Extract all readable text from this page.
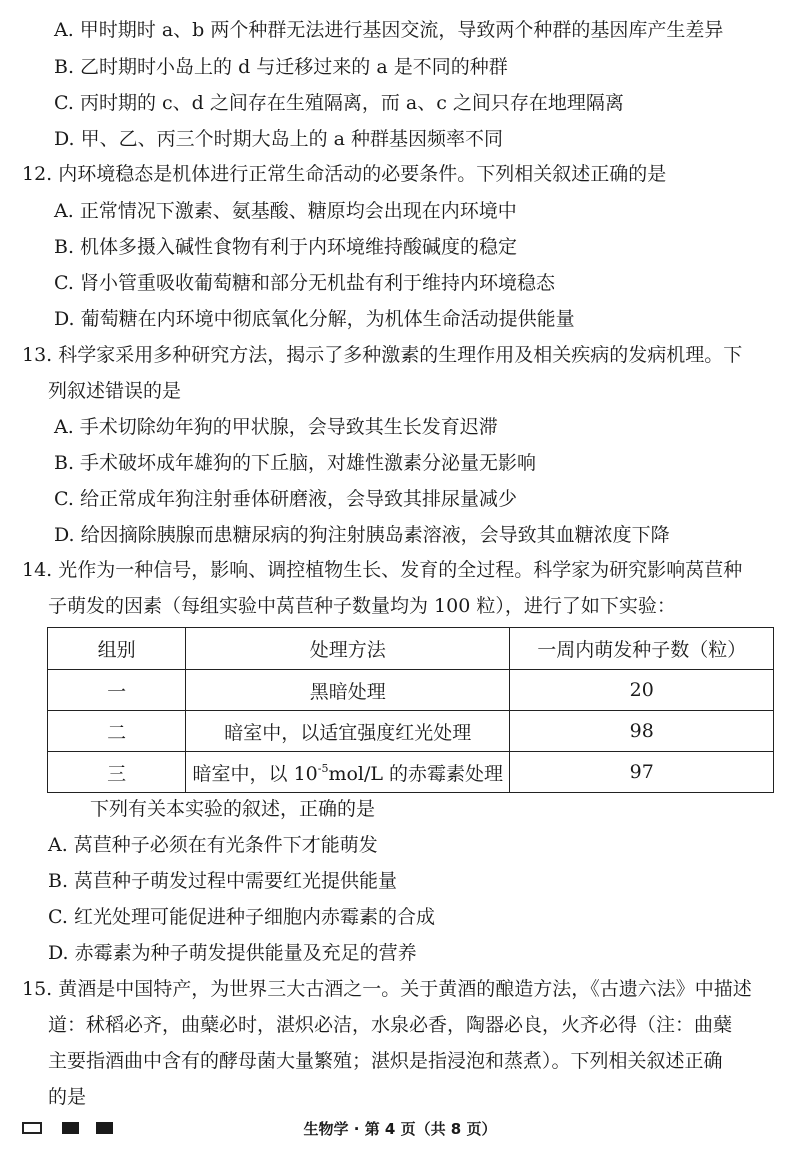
A. 甲时期时 a、b 两个种群无法进行基因交流，导致两个种群的基因库产生差异
B. 乙时期时小岛上的 d 与迁移过来的 a 是不同的种群
C. 丙时期的 c、d 之间存在生殖隔离，而 a、c 之间只存在地理隔离
D. 甲、乙、丙三个时期大岛上的 a 种群基因频率不同
12. 内环境稳态是机体进行正常生命活动的必要条件。下列相关叙述正确的是
A. 正常情况下激素、氨基酸、糖原均会出现在内环境中
B. 机体多摄入碱性食物有利于内环境维持酸碱度的稳定
C. 肾小管重吸收葡萄糖和部分无机盐有利于维持内环境稳态
D. 葡萄糖在内环境中彻底氧化分解，为机体生命活动提供能量
13. 科学家采用多种研究方法，揭示了多种激素的生理作用及相关疾病的发病机理。下
列叙述错误的是
A. 手术切除幼年狗的甲状腺，会导致其生长发育迟滞
B. 手术破坏成年雄狗的下丘脑，对雄性激素分泌量无影响
C. 给正常成年狗注射垂体研磨液，会导致其排尿量减少
D. 给因摘除胰腺而患糖尿病的狗注射胰岛素溶液，会导致其血糖浓度下降
14. 光作为一种信号，影响、调控植物生长、发育的全过程。科学家为研究影响莴苣种
子萌发的因素（每组实验中莴苣种子数量均为 100 粒），进行了如下实验：
组别	处理方法	一周内萌发种子数（粒）
一	黑暗处理	20
二	暗室中，以适宜强度红光处理	98
三	暗室中，以 $10^{-5}mol/L$ 的赤霉素处理	97
下列有关本实验的叙述，正确的是
A. 莴苣种子必须在有光条件下才能萌发
B. 莴苣种子萌发过程中需要红光提供能量
C. 红光处理可能促进种子细胞内赤霉素的合成
D. 赤霉素为种子萌发提供能量及充足的营养
15. 黄酒是中国特产，为世界三大古酒之一。关于黄酒的酿造方法，《古遗六法》中描述
道：秫稻必齐，曲蘖必时，湛炽必洁，水泉必香，陶器必良，火齐必得（注：曲蘖
主要指酒曲中含有的酵母菌大量繁殖；湛炽是指浸泡和蒸煮）。下列相关叙述正确
的是
生物学 · 第 4 页（共 8 页）
